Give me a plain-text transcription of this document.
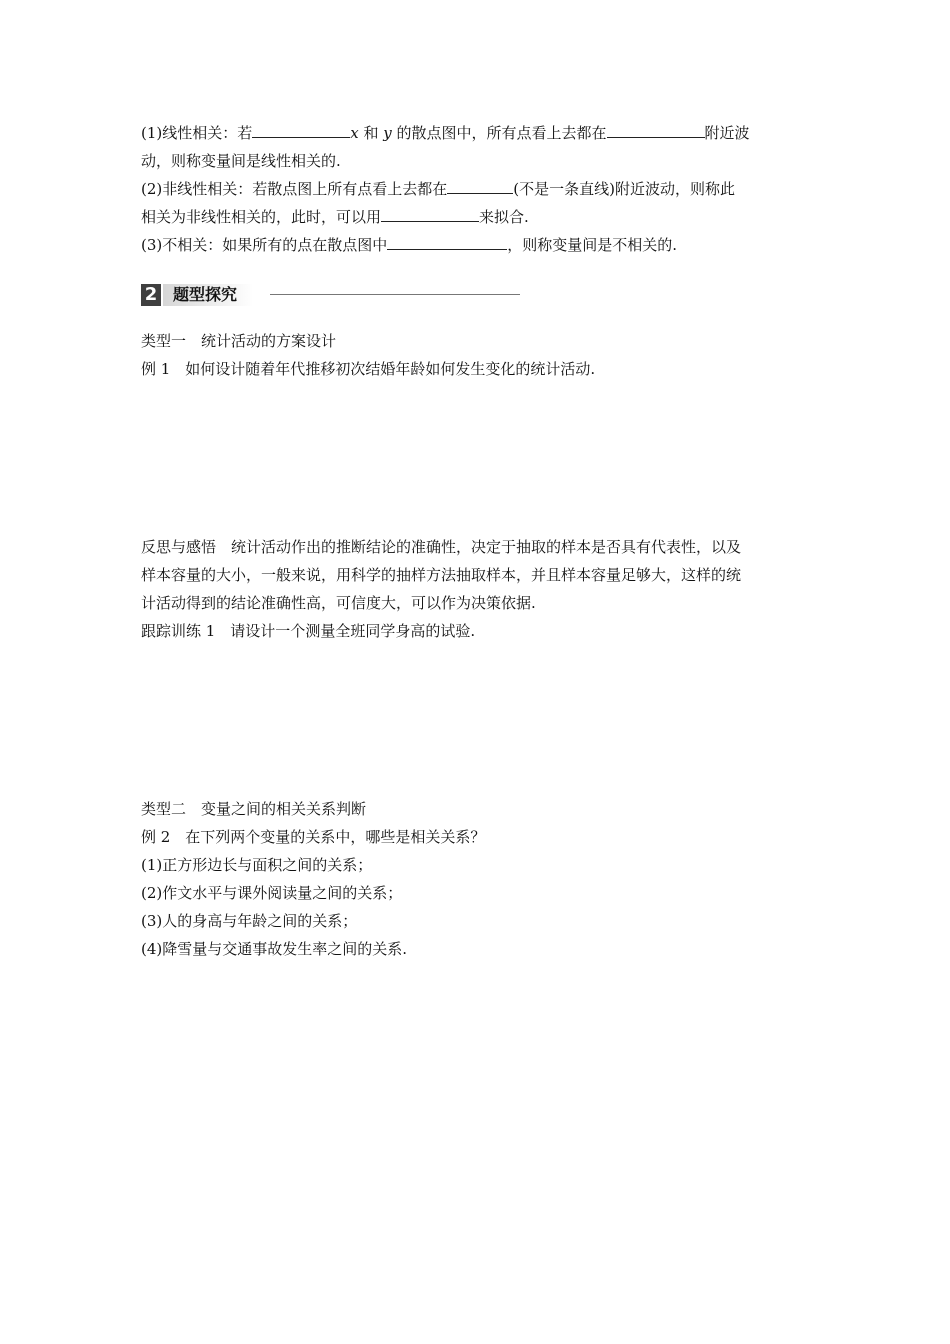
(1)线性相关：若	x 和 y 的散点图中，所有点看上去都在	附近波
动，则称变量间是线性相关的.
(2)非线性相关：若散点图上所有点看上去都在	(不是一条直线)附近波动，则称此
相关为非线性相关的，此时，可以用	来拟合.
(3)不相关：如果所有的点在散点图中	，则称变量间是不相关的.
2 题型探究
类型一　统计活动的方案设计
例 1　如何设计随着年代推移初次结婚年龄如何发生变化的统计活动.
反思与感悟　统计活动作出的推断结论的准确性，决定于抽取的样本是否具有代表性，以及
样本容量的大小，一般来说，用科学的抽样方法抽取样本，并且样本容量足够大，这样的统
计活动得到的结论准确性高，可信度大，可以作为决策依据.
跟踪训练 1　请设计一个测量全班同学身高的试验.
类型二　变量之间的相关关系判断
例 2　在下列两个变量的关系中，哪些是相关关系？
(1)正方形边长与面积之间的关系；
(2)作文水平与课外阅读量之间的关系；
(3)人的身高与年龄之间的关系；
(4)降雪量与交通事故发生率之间的关系.
